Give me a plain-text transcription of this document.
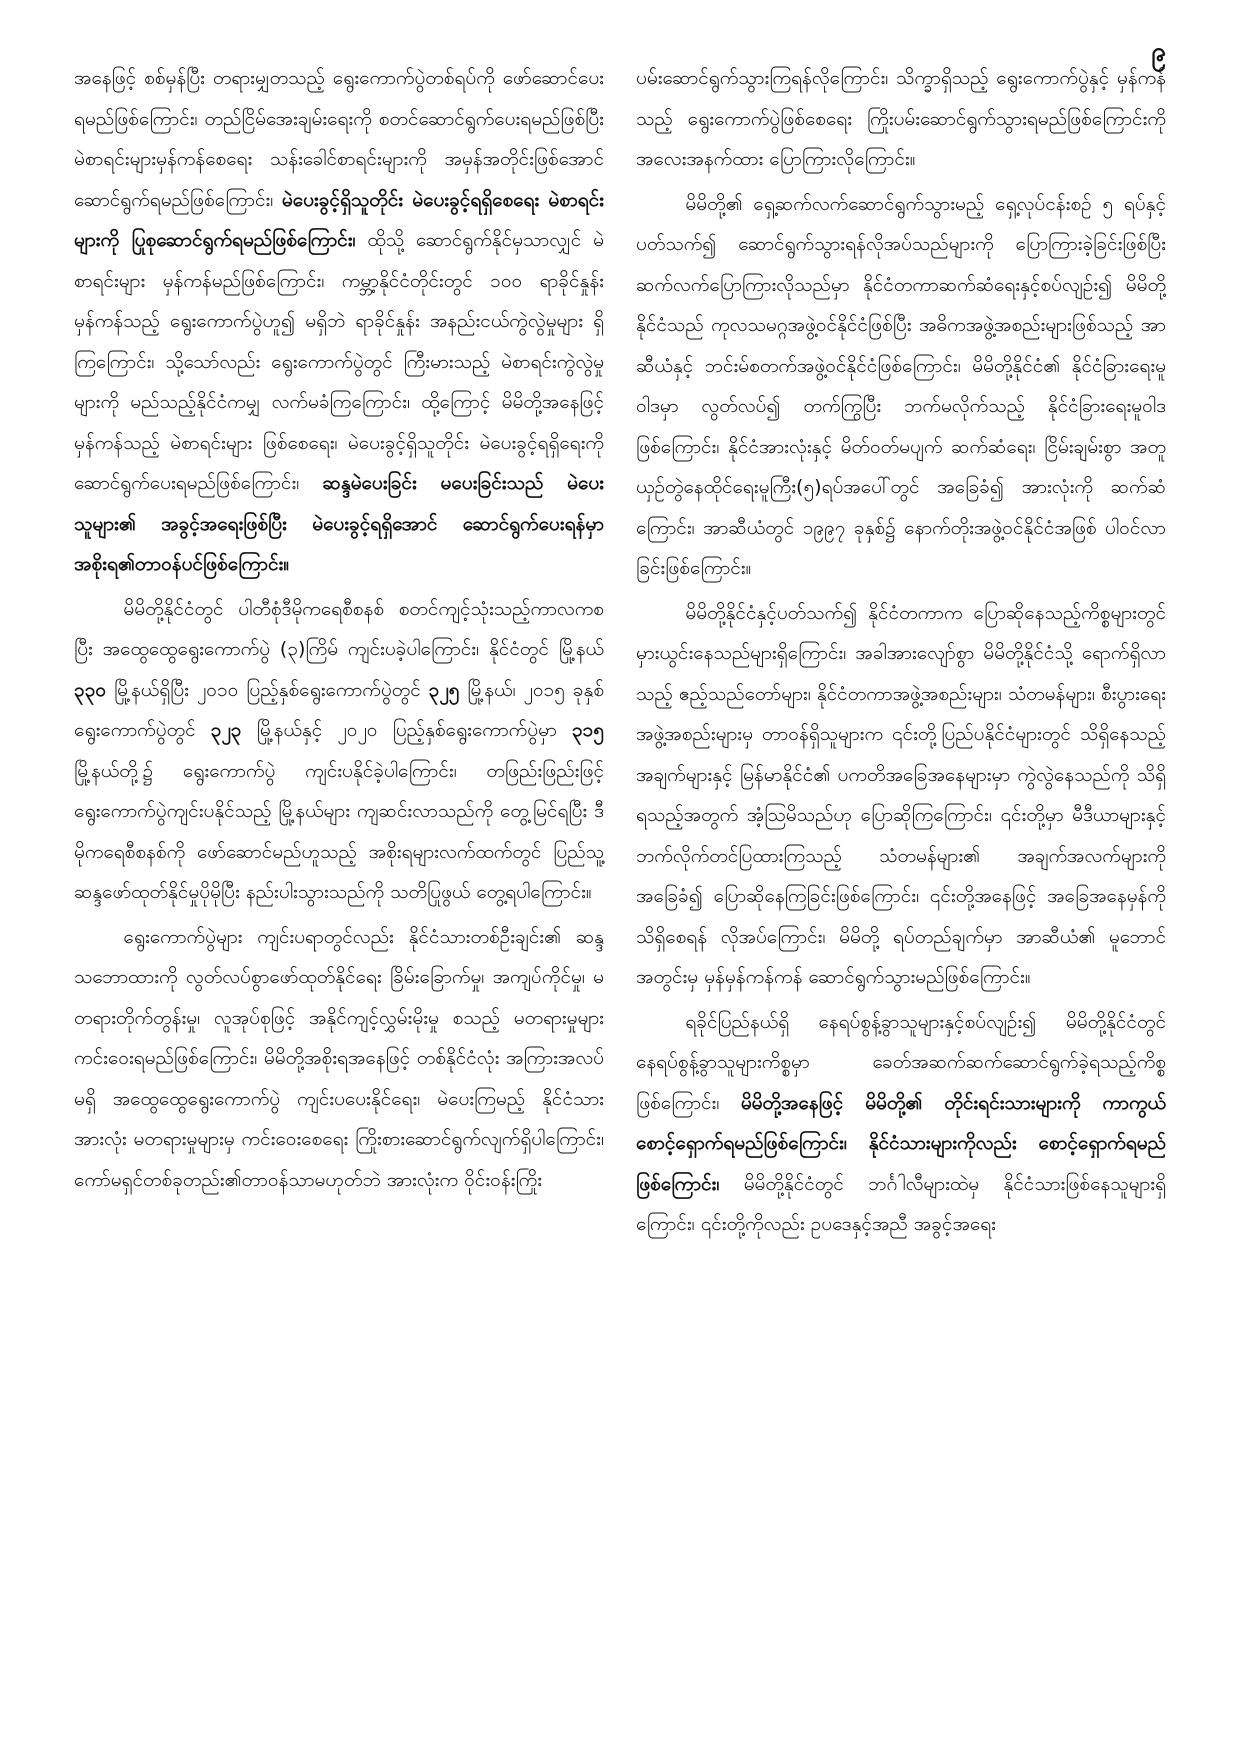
၉

အနေဖြင့် စစ်မှန်ပြီး တရားမျှတသည့် ရွေးကောက်ပွဲတစ်ရပ်ကို ဖော်ဆောင်ပေးရမည်ဖြစ်ကြောင်း၊ တည်ငြိမ်အေးချမ်းရေးကို စတင်ဆောင်ရွက်ပေးရမည်ဖြစ်ပြီး မဲစာရင်းများမှန်ကန်စေရေး သန်းခေါင်စာရင်းများကို အမှန်အတိုင်းဖြစ်အောင် ဆောင်ရွက်ရမည်ဖြစ်ကြောင်း၊ မဲပေးခွင့်ရှိသူတိုင်း မဲပေးခွင့်ရရှိစေရေး မဲစာရင်းများကို ပြုစုဆောင်ရွက်ရမည်ဖြစ်ကြောင်း၊ ထိုသို့ ဆောင်ရွက်နိုင်မှသာလျှင် မဲစာရင်းများ မှန်ကန်မည်ဖြစ်ကြောင်း၊ ကမ္ဘာ့နိုင်ငံတိုင်းတွင် ၁၀၀ ရာခိုင်နှုန်းမှန်ကန်သည့် ရွေးကောက်ပွဲဟူ၍ မရှိဘဲ ရာခိုင်နှုန်း အနည်းငယ်ကွဲလွဲမှုများ ရှိကြကြောင်း၊ သို့သော်လည်း ရွေးကောက်ပွဲတွင် ကြီးမားသည့် မဲစာရင်းကွဲလွဲမှုများကို မည်သည့်နိုင်ငံကမျှ လက်မခံကြကြောင်း၊ ထို့ကြောင့် မိမိတို့အနေဖြင့် မှန်ကန်သည့် မဲစာရင်းများ ဖြစ်စေရေး၊ မဲပေးခွင့်ရှိသူတိုင်း မဲပေးခွင့်ရရှိရေးကို ဆောင်ရွက်ပေးရမည်ဖြစ်ကြောင်း၊ ဆန္ဒမဲပေးခြင်း မပေးခြင်းသည် မဲပေးသူများ၏ အခွင့်အရေးဖြစ်ပြီး မဲပေးခွင့်ရရှိအောင် ဆောင်ရွက်ပေးရန်မှာ အစိုးရ၏တာဝန်ပင်ဖြစ်ကြောင်း။

မိမိတို့နိုင်ငံတွင် ပါတီစုံဒီမိုကရေစီစနစ် စတင်ကျင့်သုံးသည့်ကာလကစပြီး အထွေထွေရွေးကောက်ပွဲ (၃)ကြိမ် ကျင်းပခဲ့ပါကြောင်း၊ နိုင်ငံတွင် မြို့နယ် ၃၃၀ မြို့နယ်ရှိပြီး ၂၀၁၀ ပြည့်နှစ်ရွေးကောက်ပွဲတွင် ၃၂၅ မြို့နယ်၊ ၂၀၁၅ ခုနှစ် ရွေးကောက်ပွဲတွင် ၃၂၃ မြို့နယ်နှင့် ၂၀၂၀ ပြည့်နှစ်ရွေးကောက်ပွဲမှာ ၃၁၅ မြို့နယ်တို့၌ ရွေးကောက်ပွဲ ကျင်းပနိုင်ခဲ့ပါကြောင်း၊ တဖြည်းဖြည်းဖြင့် ရွေးကောက်ပွဲကျင်းပနိုင်သည့် မြို့နယ်များ ကျဆင်းလာသည်ကို တွေ့မြင်ရပြီး ဒီမိုကရေစီစနစ်ကို ဖော်ဆောင်မည်ဟူသည့် အစိုးရများလက်ထက်တွင် ပြည်သူ့ဆန္ဒဖော်ထုတ်နိုင်မှုပိုမိုပြီး နည်းပါးသွားသည်ကို သတိပြုဖွယ် တွေ့ရပါကြောင်း။

ရွေးကောက်ပွဲများ ကျင်းပရာတွင်လည်း နိုင်ငံသားတစ်ဦးချင်း၏ ဆန္ဒသဘောထားကို လွတ်လပ်စွာဖော်ထုတ်နိုင်ရေး ခြိမ်းခြောက်မှု၊ အကျပ်ကိုင်မှု၊ မတရားတိုက်တွန်းမှု၊ လူအုပ်စုဖြင့် အနိုင်ကျင့်လွှမ်းမိုးမှု စသည့် မတရားမှုများ ကင်းဝေးရမည်ဖြစ်ကြောင်း၊ မိမိတို့အစိုးရအနေဖြင့် တစ်နိုင်ငံလုံး အကြားအလပ်မရှိ အထွေထွေရွေးကောက်ပွဲ ကျင်းပပေးနိုင်ရေး၊ မဲပေးကြမည့် နိုင်ငံသားအားလုံး မတရားမှုများမှ ကင်းဝေးစေရေး ကြိုးစားဆောင်ရွက်လျက်ရှိပါကြောင်း၊ ကော်မရှင်တစ်ခုတည်း၏တာဝန်သာမဟုတ်ဘဲ အားလုံးက ဝိုင်းဝန်းကြိုး

ပမ်းဆောင်ရွက်သွားကြရန်လိုကြောင်း၊ သိက္ခာရှိသည့် ရွေးကောက်ပွဲနှင့် မှန်ကန်သည့် ရွေးကောက်ပွဲဖြစ်စေရေး ကြိုးပမ်းဆောင်ရွက်သွားရမည်ဖြစ်ကြောင်းကို အလေးအနက်ထား ပြောကြားလိုကြောင်း။

မိမိတို့၏ ရှေ့ဆက်လက်ဆောင်ရွက်သွားမည့် ရှေ့လုပ်ငန်းစဉ် ၅ ရပ်နှင့်ပတ်သက်၍ ဆောင်ရွက်သွားရန်လိုအပ်သည်များကို ပြောကြားခဲ့ခြင်းဖြစ်ပြီး ဆက်လက်ပြောကြားလိုသည်မှာ နိုင်ငံတကာဆက်ဆံရေးနှင့်စပ်လျဉ်း၍ မိမိတို့နိုင်ငံသည် ကုလသမဂ္ဂအဖွဲ့ဝင်နိုင်ငံဖြစ်ပြီး အဓိကအဖွဲ့အစည်းများဖြစ်သည့် အာဆီယံနှင့် ဘင်းမ်စတက်အဖွဲ့ဝင်နိုင်ငံဖြစ်ကြောင်း၊ မိမိတို့နိုင်ငံ၏ နိုင်ငံခြားရေးမူဝါဒမှာ လွတ်လပ်၍ တက်ကြွပြီး ဘက်မလိုက်သည့် နိုင်ငံခြားရေးမူဝါဒဖြစ်ကြောင်း၊ နိုင်ငံအားလုံးနှင့် မိတ်ဝတ်မပျက် ဆက်ဆံရေး၊ ငြိမ်းချမ်းစွာ အတူယှဉ်တွဲနေထိုင်ရေးမူကြီး(၅)ရပ်အပေါ်တွင် အခြေခံ၍ အားလုံးကို ဆက်ဆံကြောင်း၊ အာဆီယံတွင် ၁၉၉၇ ခုနှစ်၌ နောက်တိုးအဖွဲ့ဝင်နိုင်ငံအဖြစ် ပါဝင်လာခြင်းဖြစ်ကြောင်း။

မိမိတို့နိုင်ငံနှင့်ပတ်သက်၍ နိုင်ငံတကာက ပြောဆိုနေသည့်ကိစ္စများတွင် မှားယွင်းနေသည်များရှိကြောင်း၊ အခါအားလျော်စွာ မိမိတို့နိုင်ငံသို့ ရောက်ရှိလာသည့် ဧည့်သည်တော်များ၊ နိုင်ငံတကာအဖွဲ့အစည်းများ၊ သံတမန်များ၊ စီးပွားရေးအဖွဲ့အစည်းများမှ တာဝန်ရှိသူများက ၎င်းတို့ပြည်ပနိုင်ငံများတွင် သိရှိနေသည့်အချက်များနှင့် မြန်မာနိုင်ငံ၏ ပကတိအခြေအနေများမှာ ကွဲလွဲနေသည်ကို သိရှိရသည့်အတွက် အံ့ဩမိသည်ဟု ပြောဆိုကြကြောင်း၊ ၎င်းတို့မှာ မီဒီယာများနှင့် ဘက်လိုက်တင်ပြထားကြသည့် သံတမန်များ၏ အချက်အလက်များကို အခြေခံ၍ ပြောဆိုနေကြခြင်းဖြစ်ကြောင်း၊ ၎င်းတို့အနေဖြင့် အခြေအနေမှန်ကို သိရှိစေရန် လိုအပ်ကြောင်း၊ မိမိတို့ ရပ်တည်ချက်မှာ အာဆီယံ၏ မူဘောင်အတွင်းမှ မှန်မှန်ကန်ကန် ဆောင်ရွက်သွားမည်ဖြစ်ကြောင်း။

ရခိုင်ပြည်နယ်ရှိ နေရပ်စွန့်ခွာသူများနှင့်စပ်လျဉ်း၍ မိမိတို့နိုင်ငံတွင် နေရပ်စွန့်ခွာသူများကိစ္စမှာ ခေတ်အဆက်ဆက်ဆောင်ရွက်ခဲ့ရသည့်ကိစ္စဖြစ်ကြောင်း၊ မိမိတို့အနေဖြင့် မိမိတို့၏ တိုင်းရင်းသားများကို ကာကွယ်စောင့်ရှောက်ရမည်ဖြစ်ကြောင်း၊ နိုင်ငံသားများကိုလည်း စောင့်ရှောက်ရမည်ဖြစ်ကြောင်း၊ မိမိတို့နိုင်ငံတွင် ဘင်္ဂါလီများထဲမှ နိုင်ငံသားဖြစ်နေသူများရှိကြောင်း၊ ၎င်းတို့ကိုလည်း ဥပဒေနှင့်အညီ အခွင့်အရေး
